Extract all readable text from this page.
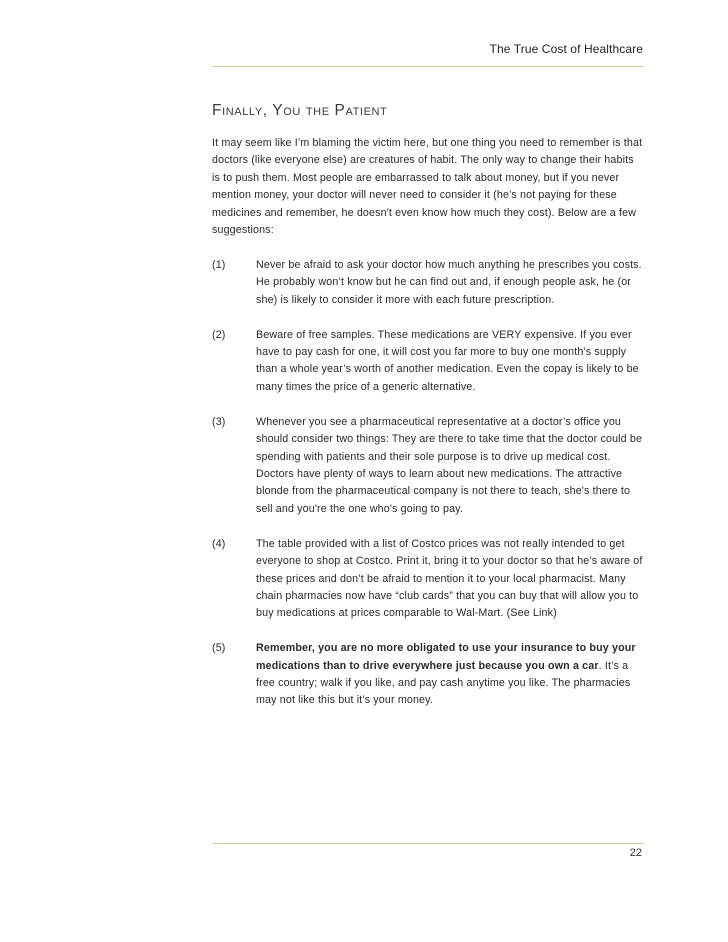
The True Cost of Healthcare
Finally, You the Patient

It may seem like I’m blaming the victim here, but one thing you need to remember is that doctors (like everyone else) are creatures of habit. The only way to change their habits is to push them. Most people are embarrassed to talk about money, but if you never mention money, your doctor will never need to consider it (he’s not paying for these medicines and remember, he doesn't even know how much they cost). Below are a few suggestions:

(1)	Never be afraid to ask your doctor how much anything he prescribes you costs. He probably won’t know but he can find out and, if enough people ask, he (or she) is likely to consider it more with each future prescription.
(2)	Beware of free samples. These medications are VERY expensive. If you ever have to pay cash for one, it will cost you far more to buy one month’s supply than a whole year’s worth of another medication. Even the copay is likely to be many times the price of a generic alternative.
(3)	Whenever you see a pharmaceutical representative at a doctor’s office you should consider two things: They are there to take time that the doctor could be spending with patients and their sole purpose is to drive up medical cost. Doctors have plenty of ways to learn about new medications. The attractive blonde from the pharmaceutical company is not there to teach, she's there to sell and you're the one who's going to pay.
(4)	The table provided with a list of Costco prices was not really intended to get everyone to shop at Costco. Print it, bring it to your doctor so that he’s aware of these prices and don’t be afraid to mention it to your local pharmacist. Many chain pharmacies now have “club cards” that you can buy that will allow you to buy medications at prices comparable to Wal-Mart. (See Link)
(5)	Remember, you are no more obligated to use your insurance to buy your medications than to drive everywhere just because you own a car. It’s a free country; walk if you like, and pay cash anytime you like. The pharmacies may not like this but it’s your money.
22
